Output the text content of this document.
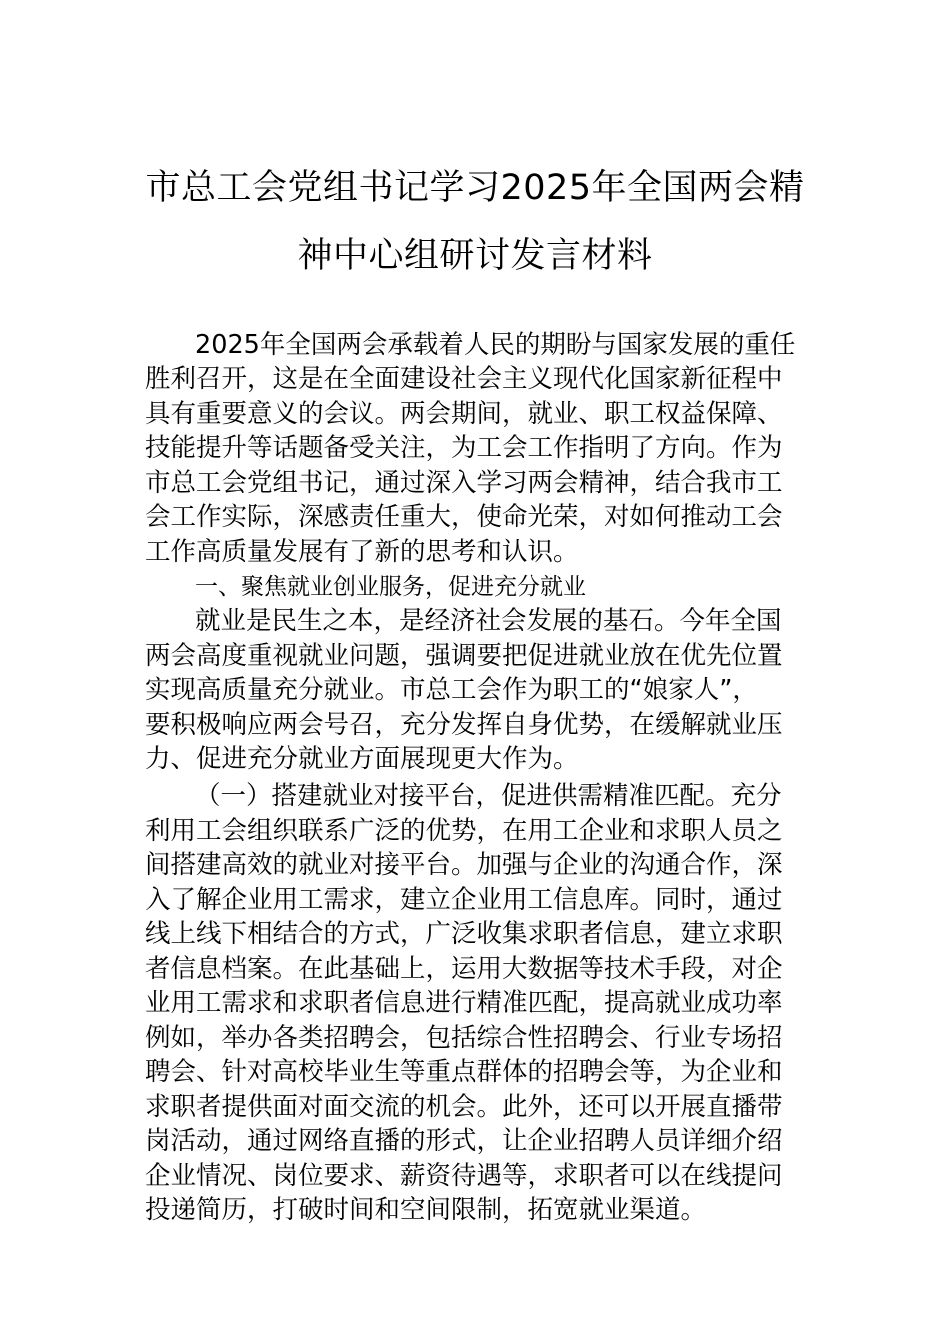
市总工会党组书记学习2025年全国两会精
神中心组研讨发言材料
2025年全国两会承载着人民的期盼与国家发展的重任
胜利召开，这是在全面建设社会主义现代化国家新征程中
具有重要意义的会议。两会期间，就业、职工权益保障、
技能提升等话题备受关注，为工会工作指明了方向。作为
市总工会党组书记，通过深入学习两会精神，结合我市工
会工作实际，深感责任重大，使命光荣，对如何推动工会
工作高质量发展有了新的思考和认识。
一、聚焦就业创业服务，促进充分就业
就业是民生之本，是经济社会发展的基石。今年全国
两会高度重视就业问题，强调要把促进就业放在优先位置
实现高质量充分就业。市总工会作为职工的“娘家人”，
要积极响应两会号召，充分发挥自身优势，在缓解就业压
力、促进充分就业方面展现更大作为。
（一）搭建就业对接平台，促进供需精准匹配。充分
利用工会组织联系广泛的优势，在用工企业和求职人员之
间搭建高效的就业对接平台。加强与企业的沟通合作，深
入了解企业用工需求，建立企业用工信息库。同时，通过
线上线下相结合的方式，广泛收集求职者信息，建立求职
者信息档案。在此基础上，运用大数据等技术手段，对企
业用工需求和求职者信息进行精准匹配，提高就业成功率
例如，举办各类招聘会，包括综合性招聘会、行业专场招
聘会、针对高校毕业生等重点群体的招聘会等，为企业和
求职者提供面对面交流的机会。此外，还可以开展直播带
岗活动，通过网络直播的形式，让企业招聘人员详细介绍
企业情况、岗位要求、薪资待遇等，求职者可以在线提问
投递简历，打破时间和空间限制，拓宽就业渠道。
